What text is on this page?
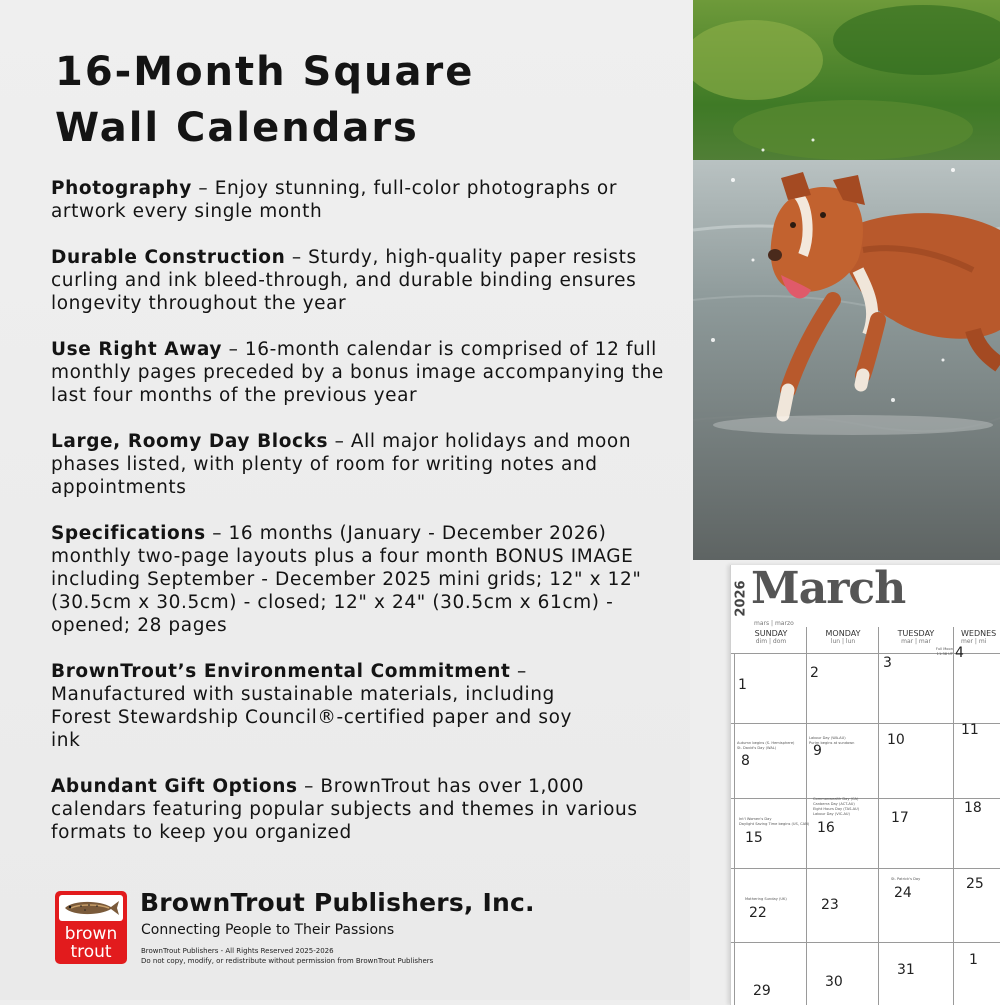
16-Month Square
Wall Calendars

Photography – Enjoy stunning, full-color photographs or artwork every single month

Durable Construction – Sturdy, high-quality paper resists curling and ink bleed-through, and durable binding ensures longevity throughout the year

Use Right Away – 16-month calendar is comprised of 12 full monthly pages preceded by a bonus image accompanying the last four months of the previous year

Large, Roomy Day Blocks – All major holidays and moon phases listed, with plenty of room for writing notes and appointments

Specifications – 16 months (January - December 2026) monthly two-page layouts plus a four month BONUS IMAGE including September - December 2025 mini grids; 12" x 12" (30.5cm x 30.5cm) - closed; 12" x 24" (30.5cm x 61cm) - opened; 28 pages

BrownTrout’s Environmental Commitment – Manufactured with sustainable materials, including Forest Stewardship Council®-certified paper and soy ink

Abundant Gift Options – BrownTrout has over 1,000 calendars featuring popular subjects and themes in various formats to keep you organized

brown
trout
BrownTrout Publishers, Inc.
Connecting People to Their Passions
BrownTrout Publishers - All Rights Reserved 2025-2026
Do not copy, modify, or redistribute without permission from BrownTrout Publishers
2026 March
mars | marzo
SUNDAY
dim | dom
MONDAY
lun | lun
TUESDAY
mar | mar
WEDNES
mer | mi
3
4
Full Moon 11:38 UT
1
2
10
11
8
9
17
18
15
16
24
25
22	23
31
1
29
30
Autumn begins (S. Hemisphere)
St. David's Day (WAL)
Labour Day (WA-AU)
Purim begins at sundown
Int'l Women's Day
Daylight Saving Time begins (US, CAN)
Commonwealth Day (CA)
Canberra Day (ACT-AU)
Eight Hours Day (TAS-AU)
Labour Day (VIC-AU)
St. Patrick's Day
Mothering Sunday (UK)
